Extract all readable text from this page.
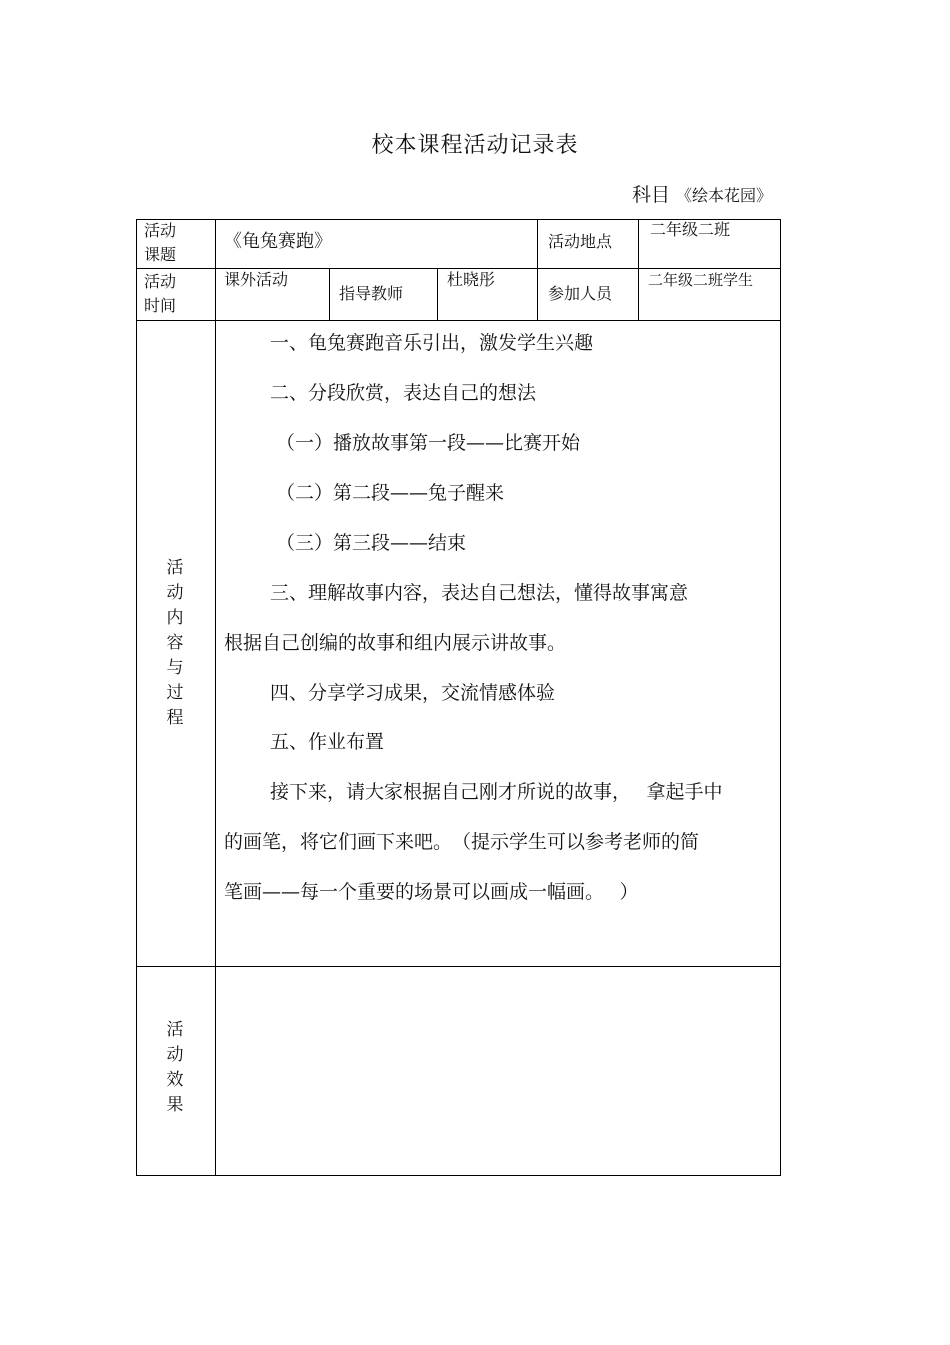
校本课程活动记录表
科目 《绘本花园》
活动
课题
《龟兔赛跑》	活动地点
二年级二班
活动
时间
课外活动
指导教师
杜晓彤
参加人员
二年级二班学生
活动内容与过程
一、龟兔赛跑音乐引出，激发学生兴趣
二、分段欣赏，表达自己的想法
（一）播放故事第一段——比赛开始
（二）第二段——兔子醒来
（三）第三段——结束
三、理解故事内容，表达自己想法，懂得故事寓意
根据自己创编的故事和组内展示讲故事。
四、分享学习成果，交流情感体验
五、作业布置
接下来，请大家根据自己刚才所说的故事，　 拿起手中
的画笔，将它们画下来吧。　（提示学生可以参考老师的简
笔画——每一个重要的场景可以画成一幅画。　 ）
活动效果
